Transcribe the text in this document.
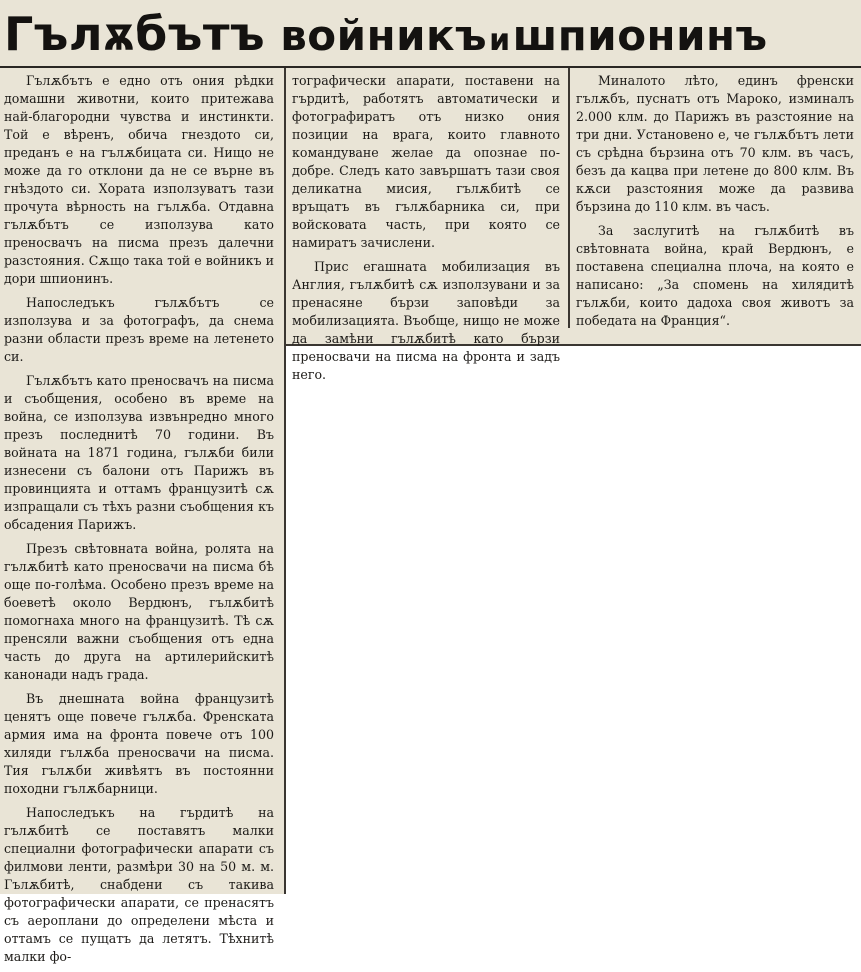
Гълѫбътъ войникъишпионинъ

Гълѫбътъ е едно отъ ония рѣдки домашни животни, които притежава най-благородни чувства и инстинкти. Той е вѣренъ, обича гнездото си, преданъ е на гълѫбицата си. Нищо не може да го отклони да не се върне въ гнѣздото си. Хората използуватъ тази прочута вѣрность на гълѫба. Отдавна гълѫбътъ се използува като преносвачъ на писма презъ далечни разстояния. Сѫщо така той е войникъ и дори шпионинъ.

Напоследъкъ гълѫбътъ се използува и за фотографъ, да снема разни области презъ време на летенето си.

Гълѫбътъ като преносвачъ на писма и съобщения, особено въ време на война, се използува извънредно много презъ последнитѣ 70 години. Въ войната на 1871 година, гълѫби били изнесени съ балони отъ Парижъ въ провинцията и оттамъ французитѣ сѫ изпращали съ тѣхъ разни съобщения къ обсадения Парижъ.

Презъ свѣтовната война, ролята на гълѫбитѣ като преносвачи на писма бѣ още по-голѣма. Особено презъ време на боеветѣ около Вердюнъ, гълѫбитѣ помогнаха много на французитѣ. Тѣ сѫ пренсяли важни съобщения отъ една часть до друга на артилерийскитѣ канонади надъ града.

Въ днешната война французитѣ ценятъ още повече гълѫба. Френската армия има на фронта повече отъ 100 хиляди гълѫба преносвачи на писма. Тия гълѫби живѣятъ въ постоянни походни гълѫбарници.

Напоследъкъ на гърдитѣ на гълѫбитѣ се поставятъ малки специални фотографически апарати съ филмови ленти, размѣри 30 на 50 м. м. Гълѫбитѣ, снабдени съ такива фотографически апарати, се пренасятъ съ аероплани до определени мѣста и оттамъ се пущатъ да летятъ. Тѣхнитѣ малки фо-

тографически апарати, поставени на гърдитѣ, работятъ автоматически и фотографиратъ отъ низко ония позиции на врага, които главното командуване желае да опознае по-добре. Следъ като завършатъ тази своя деликатна мисия, гълѫбитѣ се връщатъ въ гълѫбарника си, при войсковата часть, при която се намиратъ зачислени.

Прис егашната мобилизация въ Англия, гълѫбитѣ сѫ използувани и за пренасяне бързи заповѣди за мобилизацията. Въобще, нищо не може да замѣни гълѫбитѣ като бързи преносвачи на писма на фронта и задъ него.

Миналото лѣто, единъ френски гълѫбъ, пуснатъ отъ Мароко, изминалъ 2.000 клм. до Парижъ въ разстояние на три дни. Установено е, че гълѫбътъ лети съ срѣдна бързина отъ 70 клм. въ часъ, безъ да кацва при летене до 800 клм. Въ кѫси разстояния може да развива бързина до 110 клм. въ часъ.

За заслугитѣ на гълѫбитѣ въ свѣтовната война, край Вердюнъ, е поставена специална плоча, на която е написано: „За спомень на хилядитѣ гълѫби, които дадоха своя животъ за победата на Франция“.
